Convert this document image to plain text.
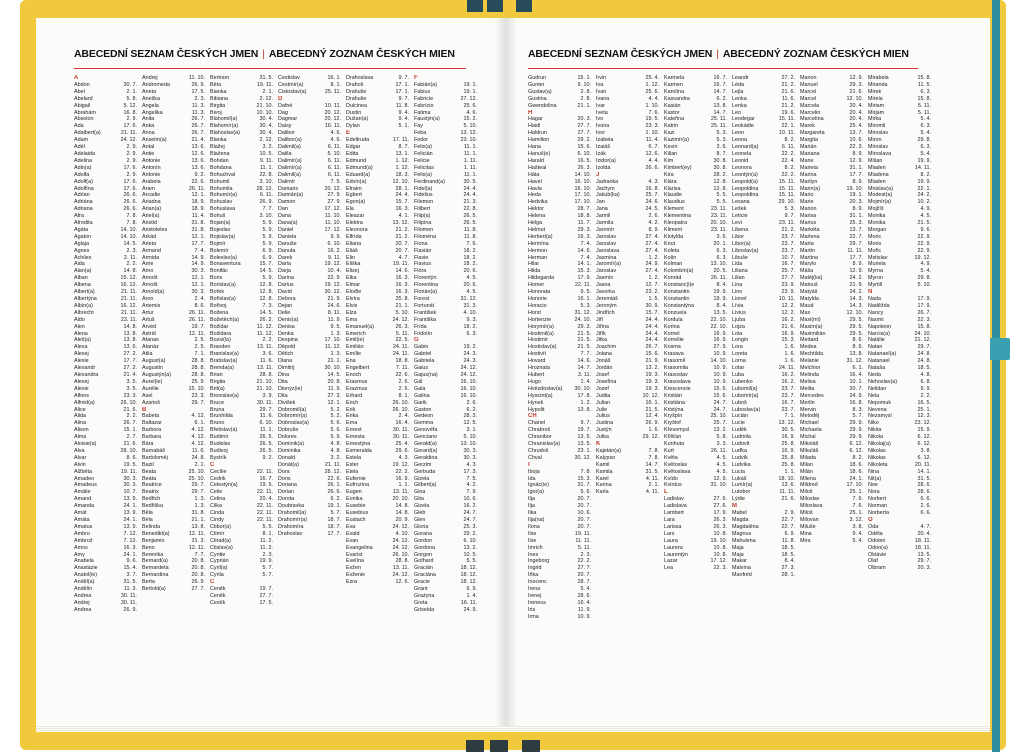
ABECEDNÍ SEZNAM ČESKÝCH JMEN | ABECEDNÝ ZOZNAM ČESKÝCH MIEN
A
Abdon	30. 7.
Abel	2. 1.
Abelard	5. 8.
Abigail	5. 12.
Abrahám	16. 8.
Absolon	2. 9.
Ada	17. 6.
Adalbert(a)	21. 11.
Adam	24. 12.
Adél	2. 9.
Adelaida	2. 9.
Adelina	2. 9.
Adin(a)	17. 6.
Adolfa	2. 9.
Adolf(a)	17. 6.
Adolfína	17. 6.
Adrian	26. 6.
Adriána	26. 6.
Adriana	26. 6.
Afra	7. 8.
Afrodita	7. 8.
Agáta	14. 10.
Agaton	14. 10.
Aglaja	14. 5.
Agnes	2. 3.
Achiles	2. 11.
Aida	2. 2.
Alan(a)	14. 8.
Alban	15. 12.
Albena	16. 12.
Albert(a)	21. 11.
Albertýna	21. 11.
Albín(a)	16. 12.
Albrecht	21. 11.
Aldo	23. 11.
Alen	14. 8.
Alena	13. 8.
Aleš(a)	13. 8.
Alexa	13. 6.
Alexej	27. 2.
Alexie	17. 7.
Alexandr	27. 2.
Alexandra	21. 4.
Alexej	3. 5.
Alexie	3. 5.
Alfons	23. 3.
Alfréd(a)	26. 10.
Alice	21. 6.
Alida	2. 2.
Alina	26. 7.
Alison	15. 1.
Alma	2. 7.
Aloisie(a)	21. 6.
Alva	28. 10.
Alvar	8. 6.
Alvin	19. 5.
Alžběta	19. 11.
Amadeo	30. 3.
Amadeus	30. 3.
Amálie	10. 7.
Amand	13. 9.
Amanda	24. 1.
Amát	13. 9.
Amáta	24. 1.
Amatus	13. 9.
Ambro	7. 12.
Ambrož	7. 12.
Ámos	16. 3.
Amy	24. 1.
Anabela	9. 6.
Anastázie	15. 4.
Anatol(ie)	3. 7.
Anděl(a)	31. 5.
Andělín	11. 3.
Andrea	30. 11.
Andrej	30. 11.
Andrea	26. 9.
Andrej	11. 10.
Andromeda	26. 9.
Aneta	17. 5.
Anežka	2. 3.
Angela	11. 3.
Angelika	11. 3.
Anita	26. 7.
Anka	26. 7.
Anna	26. 7.
Anselm(a)	21. 4.
Antal	13. 6.
Antie	12. 6.
Antonie	13. 6.
Antonín	13. 6.
Antonie	9. 2.
Arabela	22. 6.
Aram	26. 11.
Arcadie	12. 1.
Ariadna	18. 9.
Arian(a)	18. 9.
Ariel(a)	11. 4.
Aristid	31. 8.
Aristoteles	31. 8.
Arkád	12. 1.
Arleta	17. 7.
Armand	7. 4.
Armida	14. 9.
Arne	14. 9.
Arno	30. 3.
Arnošt	12. 1.
Arnošt	12. 1.
Arnold(a)	30. 3.
Áron	2. 4.
Artemis	8. 6.
Artur	26. 11.
Artuš	26. 11.
Arvéd	19. 7.
Astrid	12. 11.
Atanas	2. 5.
Atanáz	2. 5.
Atila	7. 1.
August(a)	28. 8.
Augustin	28. 8.
Augustýn(a)	28. 8.
Aurel(ie)	25. 9.
Aurélie	15. 10.
Axel	23. 3.
Azarioš	29. 7.
B
Babeta	4. 12.
Baltazar	6. 1.
Barbora	4. 12.
Barbara	4. 12.
Bára	4. 12.
Barnabáš	11. 6.
Bartoloměj	24. 8.
Bazil	2. 1.
Beata	25. 10.
Beáta	25. 10.
Beatrice	29. 7.
Beatrix	29. 7.
Bedřich	1. 3.
Bedřiška	1. 3.
Běla	31. 8.
Béla	21. 1.
Belinda	13. 8.
Benedikt(a)	12. 11.
Benjamin	31. 3.
Beno	12. 11.
Berenika	7. 7.
Bernard(a)	20. 8.
Bernardeta	20. 8.
Bernardina	20. 8.
Berta	26. 9.
Bertold(a)	27. 7.
Bertram	31. 5.
Běta	19. 11.
Bianka	2. 1.
Bibiana	2. 12.
Birgita	21. 10.
Bivoj	10. 10.
Blahomil(a)	30. 4.
Blahomír(a)	30. 4.
Blahoslav(a)	30. 4.
Blanka	2. 12.
Blažej	3. 2.
Blažena	10. 5.
Bohdan	9. 11.
Bohdana	11. 1.
Bohuchval	22. 8.
Bohumil	3. 10.
Bohumila	28. 12.
Bohumír(a)	6. 11.
Bohuslav	26. 9.
Bohuslava	7. 7.
Bohuš	3. 10.
Bojan(a)	5. 9.
Bojeslav	5. 9.
Bojislav(a)	5. 9.
Bojmír	5. 9.
Bolemír	6. 9.
Boleslav(a)	6. 9.
Bonaventura	15. 7.
Bonifác	14. 5.
Boris	5. 9.
Borislav(a)	12. 8.
Bořek	12. 8.
Bořislav(a)	12. 8.
Bořivoj	7. 3.
Božena	14. 5.
Božetěch(a)	26. 2.
Božidar	11. 12.
Božidara	11. 12.
Bozsi(la)	2. 2.
Branden	13. 11.
Branislav(a)	3. 6.
Bratislav(a)	11. 6.
Brenda(a)	13. 11.
Brian	28. 8.
Brigita	21. 10.
Brit(a)	21. 10.
Bronislav(a)	3. 9.
Bruce	30. 11.
Bruna	29. 7.
Brunhilda	11. 6.
Bruno	6. 10.
Břetislav(a)	11. 1.
Budimír	26. 5.
Budislav	26. 5.
Budivoj	26. 5.
Bystrík	9. 2.
C
Cecílie	22. 11.
Cedrik	16. 7.
Celestýn(a)	19. 5.
Celie	22. 11.
Celina	20. 4.
Cilka	22. 11.
Cinda	22. 11.
Cindy	22. 11.
Ctibor(a)	5. 5.
Ctimír	8. 1.
Ctirad(a)	11. 2.
Ctislav(a)	11. 2.
Cyntie	2. 3.
Cyprián	19. 9.
Cyril(a)	5. 7.
Cyrila	5. 7.
Č
Čeněk	19. 7.
Čeněk	27. 7.
Čestík	17. 5.
Čestislav	16. 1.
Čestmír(a)	8. 1.
Čistoslav(a)	25. 11.
D
Dafné	10. 11.
Dag	20. 12.
Dagmar	20. 12.
Daisy	16. 11.
Dalibor	4. 6.
Dalibor(a)	4. 6.
Dalimil(a)	6. 11.
Dalila	5. 10.
Dalimír(a)	6. 11.
Dalimír(a)	6. 11.
Dalimil(a)	6. 11.
Dalimír	7. 5.
Damaris	20. 12.
Damián(a)	27. 9.
Damon	27. 9.
Dan	17. 12.
Dana	11. 10.
Dana(a)	11. 10.
Daniel	17. 12.
Daniela	9. 9.
Danuše	6. 10.
Danuta	16. 2.
Darek	9. 11.
Daria	19. 12.
Darja	10. 4.
Darina	22. 9.
Darius	19. 12.
David	30. 12.
Debora	21. 9.
Dejan	24. 6.
Delie	8. 11.
Denis(a)	11. 9.
Denisa	9. 5.
Denka	1. 3.
Despina	17. 10.
Děpold	11. 12.
Dětich	1. 3.
Diana	21. 1.
Dimitrij	30. 10.
Dina	14. 5.
Dita	20. 8.
Dionýz(ie)	11. 9.
Dita	27. 3.
Divišek	12. 1.
Dobromil(a)	5. 2.
Dobromír(a)	5. 2.
Dobroslav(a)	5. 6.
Dobruše	5. 6.
Dolores	5. 9.
Dominik(a)	4. 8.
Dominika	4. 8.
Donald	3. 2.
Donát(a)	21. 11.
Dora	28. 12.
Doris	22. 6.
Doriana	26. 1.
Dorian	26. 6.
Dorota	6. 2.
Doubravka	19. 1.
Drahomil(a)	5. 7.
Drahomír(a)	18. 7.
Drahomíra	18. 7.
Drahoslav	17. 7.
Drahoslava	9. 7.
Drahoš	17. 1.
Drahuše	17. 1.
Drahuše	9. 7.
Dulcinea	11. 8.
Dustin	9. 4.
Dušan(a)	9. 4.
Dylan	5. 1.
E
Edeltruda	17. 11.
Edgar	8. 7.
Edita	13. 1.
Edmund	1. 12.
Edmund(a)	1. 12.
Eduard(a)	18. 3.
Edvín(a)	12. 10.
Efraim	28. 1.
Egbert	24. 4.
Egon(a)	15. 7.
Ela	16. 3.
Eleazar	4. 1.
Elektra	13. 12.
Eleonora	21. 2.
Elfrída	21. 2.
Eliana	20. 7.
Eliáš	20. 7.
Elin	4. 7.
Eliška	19. 11.
Elizej	14. 6.
Elka	16. 3.
Elmar	16. 3.
Eloďie	16. 3.
Elvíra	25. 8.
Elvis	21. 1.
Elza	5. 10.
Ema	24. 12.
Emanuel(a)	26. 3.
Emerich	5. 11.
Emil(ie)	22. 5.
Emilián	24. 11.
Emílie	24. 11.
Ena	18. 8.
Engelbert	7. 11.
Enoch	22. 6.
Erasmus	2. 6.
Erazmus	2. 6.
Erhard	8. 1.
Erich	26. 10.
Erik	26. 10.
Erika	2. 4.
Erna	16. 4.
Ernest	30. 11.
Ernesta	30. 11.
Ernestýna	25. 4.
Esmeralda	29. 6.
Estela	4. 3.
Ester	19. 12.
Etela	22. 2.
Eufemie	16. 9.
Eufrozína	1. 1.
Eugen	13. 11.
Eunika	20. 10.
Eusebie	14. 8.
Eusebius	14. 8.
Eustach	20. 9.
Eva	24. 12.
Evald	4. 10.
Evan	24. 12.
Evangelina	24. 12.
Evarist	26. 10.
Evelína	28. 8.
Evžen	13. 11.
Evženie	24. 12.
Ezra	12. 6.
F
Fabián(a)	19. 1.
Fabius	19. 1.
Fabricie	27. 12.
Fabrício	25. 6.
Fatima	4. 6.
Faustýn(a)	15. 2.
Fay	5. 10.
Feba	13. 12.
Fedor	23. 10.
Felix(a)	11. 1.
Felicián	11. 1.
Felicie	1. 11.
Felicitas	1. 11.
Felix(a)	11. 1.
Ferdinand(a)	30. 5.
Fidel(a)	24. 4.
Fidelius	24. 4.
Filemon	21. 3.
Filibert	22. 8.
Filip(a)	26. 5.
Filipína	26. 5.
Filomen	11. 8.
Filoména	11. 8.
Fiona	7. 6.
Flavián	18. 2.
Flavie	18. 2.
Flavius	18. 2.
Flóra	20. 6.
Florentýn	4. 5.
Florentina	20. 6.
Florián(a)	4. 5.
Forest	31. 12.
Fortunát	31. 3.
František	4. 10.
Františka	9. 3.
Frída	18. 2.
Fridolín	6. 3.
G
Gabin	19. 2.
Gabriel	24. 3.
Gabriela	24. 3.
Gaius	24. 12.
Gajus(na)	24. 12.
Gál	16. 10.
Gala	16. 10.
Galina	16. 10.
Garik	2. 6.
Gaston	6. 2.
Gedeon	28. 3.
Gemma	12. 5.
Genovéfa	3. 1.
Genciano	5. 10.
Gerald(a)	13. 10.
Gerard(a)	30. 3.
Geraldina	30. 3.
Gerzim	4. 3.
Gertruda	17. 3.
Gizela	7. 5.
Gilbert(a)	4. 2.
Gina	7. 9.
Gita	10. 6.
Gizela	16. 2.
Gleb	24. 7.
Glen	24. 7.
Gloria	25. 3.
Gorana	29. 2.
Gordon	6. 10.
Gordona	13. 2.
Gorgon	10. 5.
Gothard	5. 5.
Gracián	18. 12.
Graciána	18. 12.
Gracie	18. 12.
Grant	6. 9.
Grażyna	1. 4.
Greta	16. 11.
Griselda	24. 9.
ABECEDNÍ SEZNAM ČESKÝCH JMEN | ABECEDNÝ ZOZNAM ČESKÝCH MIEN
Gudrun	15. 1.
Gunter	9. 10.
Gustav(a)	2. 8.
Gustina	2. 8.
Gwendolina	21. 1.
H
Hagar	20. 3.
Haidi	27. 7.
Haldrun	27. 7.
Hamilton	29. 2.
Hana	15. 6.
Hanuš(e)	6. 10.
Harald	16. 5.
Hašteal	26. 3.
Háta	14. 10.
Havel	16. 10.
Havla	16. 10.
Heda	17. 10.
Hedvika	17. 10.
Hektor	28. 7.
Helena	18. 8.
Helga	11. 7.
Helmut	29. 3.
Herbert(a)	16. 3.
Hermína	7. 4.
Hermon	14. 6.
Herman	7. 4.
Hilar	14. 1.
Hilda	15. 3.
Hildegarda	17. 9.
Homer	22. 11.
Honorata	9. 5.
Honorie	16. 1.
Horacio	5. 3.
Horst	31. 12.
Hortenzie	24. 10.
Horymír(a)	29. 3.
Hostimil(a)	21. 5.
Hostimír	21. 5.
Hostislav(a)	21. 5.
Hostivít	7. 7.
Hovard	14. 6.
Hroznata	14. 7.
Hubert	3. 11.
Hugo	1. 4.
Hvězdoslav(a) 30. 10.
Hyacint(a)	17. 8.
Hynek	1. 2.
Hypolit	13. 8.
CH
Chanel	9. 7.
Chrabroš	19. 7.
Chranibor	13. 5.
Chranislav(a)	13. 5.
Chrudoš	23. 1.
Chval	30. 12.
I
Iboja	7. 8.
Ida	15. 3.
Ignác(ie)	31. 7.
Igor(a)	5. 6.
Ilja	20. 7.
Ilja	20. 7.
Ilka	10. 6.
Ilja(na)	20. 7.
Ilona	20. 7.
Ilse	19. 11.
Ilse	11. 11.
Imrich	5. 11.
Ines	2. 3.
Ingeborg	22. 2.
Ingrid	27. 7.
Iňka	20. 7.
Inocenc	28. 7.
Irena	5. 4.
Irenej	28. 6.
Ireneus	16. 4.
Iris	11. 9.
Irma	10. 9.
Irvin	25. 4.
Iva	1. 12.
Ivan	25. 6.
Ivana	4. 4.
Ivar	1. 10.
Iveta	7. 6.
Ivo	19. 5.
Ivona	23. 3.
Ivor	1. 10.
Izabela	11. 4.
Izaiáš	6. 7.
Izák	12. 6.
Izidor(a)	4. 4.
Izolda	26. 6.
J
Jadranka	4. 3.
Jachym	16. 8.
Jakub(ka)	25. 7.
Jan	24. 6.
Jana	24. 5.
Jarmil	2. 6.
Jarmila	4. 2.
Jaromír	8. 9.
Jaroslav	27. 4.
Jaroslav	27. 4.
Jaroslava	27. 4.
Jasmína	1. 2.
Jaromír(a)	24. 9.
Jaroslav	27. 4.
Jasmín	1. 2.
Jasna	12. 7.
Javorka	23. 2.
Jeremiáš	1. 5.
Jeroným	30. 9.
Jindřich	15. 7.
Jiří	24. 4.
Jiřina	24. 4.
Jiřík	24. 4.
Jitka	24. 4.
Joachim	26. 7.
Jolana	15. 6.
Jonáš	21. 9.
Jordán	13. 2.
Josef	19. 3.
Josefína	19. 3.
Jozef	19. 3.
Judita	10. 12.
Julian	16. 1.
Julie	21. 5.
Julius	12. 4.
Justina	26. 9.
Justýn	1. 6.
Jutka	29. 12.
K
Kajetán(a)	7. 8.
Kalypso	7. 8.
Kamil	14. 7.
Kamila	31. 5.
Karel	4. 11.
Karina	2. 1.
Karla	4. 11.
Karmela	16. 7.
Karmen	16. 7.
Karolína	14. 7.
Kassandra	6. 2.
Kasián	13. 8.
Kastor	14. 7.
Kateřina	25. 11.
Katrin	25. 11.
Kazi	5. 3.
Kazimír(a)	5. 3.
Kevin	3. 6.
Kilian	8. 7.
Kim	30. 8.
Kimberl(ey)	30. 8.
Kira	28. 2.
Klára	12. 8.
Klarisa	12. 8.
Klaudie	5. 5.
Klaudius	5. 5.
Klement	23. 11.
Klementina	23. 11.
Kleopatra	20. 10.
Kliment	23. 11.
Klotylda	3. 6.
Knut	20. 1.
Koleta	6. 3.
Kolín	6. 3.
Kolman	13. 10.
Kolombín(a)	20. 5.
Konrád	26. 11.
Konstanc(i)e	8. 4.
Konstantin	19. 9.
Konstantin	19. 9.
Konstantýna	8. 4.
Konzuela	13. 5.
Kordula	22. 10.
Korina	22. 10.
Kornel	16. 9.
Kornélie	16. 9.
Kosma	27. 9.
Krasava	10. 9.
Krasomil	14. 10.
Krasomila	10. 9.
Krasoslav	10. 9.
Krasoslava	10. 9.
Krescencie	15. 6.
Kristián	15. 6.
Kristiána	24. 7.
Kristýna	24. 7.
Kryšpín	25. 10.
Kryštof	25. 7.
Křesomysl	13. 2.
Křišťan	5. 8.
Kunhuta	3. 3.
Kurt	26. 11.
Květa	4. 5.
Květoslav	4. 5.
Květoslava	4. 5.
Kvído	12. 9.
Kvintus	31. 10.
L
Ladislav	27. 6.
Ladislava	27. 6.
Lambert	17. 9.
Lara	26. 3.
Larissa	26. 3.
Lars	10. 8.
Laura	19. 10.
Laurenc	10. 8.
Laurentýn	10. 8.
Lazar	17. 12.
Lea	22. 3.
Leandr	27. 2.
Léda	21. 2.
Lejla	21. 6.
Lenka	11. 6.
Lenka	21. 2.
Leo	19. 6.
Leodegar	15. 11.
Leokádie	22. 1.
Leon	10. 11.
Leona	8. 2.
Leonard(a)	6. 11.
Leonela	22. 2.
Leonid	22. 4.
Leonora	8. 2.
Leontýn(a)	22. 2.
Leopold(a)	15. 11.
Leopoldina	15. 11.
Leopoldina	15. 11.
Lesana	29. 10.
Lešek	5. 3.
Leticie	9. 7.
Levi	23. 11.
Libena	21. 2.
Libor	23. 7.
Libor(a)	23. 7.
Liboslav(a)	23. 7.
Libuše	10. 7.
Lida	16. 7.
Liliana	25. 7.
Lilian	27. 7.
Lina	23. 9.
Lino	23. 9.
Lionel	10. 11.
Lívia	12. 2.
Livius	12. 2.
Ljuba	16. 2.
Lojza	21. 6.
Lola	16. 9.
Longin	15. 3.
Lora	1. 6.
Loreta	1. 6.
Lorna	1. 6.
Lotar	24. 11.
Luba	16. 2.
Lubenko	16. 2.
Lubomil(a)	23. 7.
Lubomír(a)	23. 7.
Luboš	16. 7.
Luboslav(a)	23. 7.
Lucián	7. 1.
Lucie	13. 12.
Luděk	30. 5.
Ludmila	16. 9.
Ludovít	25. 8.
Luďka	16. 9.
Ludvík	25. 8.
Ludvika	25. 8.
Lucia	1. 1.
Lukáš	18. 10.
Lumír(a)	13. 6.
Lutobor	11. 11.
Lýdie	21. 6.
M
Mabel	2. 9.
Magda	22. 7.
Magdaléna	22. 7.
Magnus	6. 9.
Mahulena	11. 8.
Maja	18. 5.
Maja	18. 5.
Makar	8. 4.
Malvína	27. 3.
Manfréd	28. 1.
Manon	12. 9.
Manuel	29. 3.
Marcel	21. 6.
Marcel	12. 10.
Marcela	20. 4.
Marcelin	20. 4.
Marcelína	20. 4.
Marek	25. 4.
Margareta	13. 7.
Margita	10. 6.
Marián	22. 3.
Mariana	8. 9.
Marie	12. 9.
Marieta	31. 1.
Marina	17. 7.
Marilyn	8. 9.
Marin(a)	19. 10.
Mario	19. 1.
Marie	20. 3.
Marion	8. 9.
Marisa	31. 1.
Marius	25. 3.
Markéta	13. 7.
Marlena	22. 7.
Marta	29. 7.
Martin	11. 11.
Martina	17. 7.
Marylo	8. 9.
Máša	12. 9.
Matěj(ka)	24. 2.
Matouš	21. 9.
Matyáš	24. 2.
Matylda	14. 3.
Maud	14. 3.
Max	12. 10.
Maxi(mi)	29. 5.
Maxim(a)	29. 5.
Maximilián	29. 5.
Medard	8. 6.
Medea	8. 6.
Mechtilda	13. 8.
Melanie	31. 12.
Melchior	6. 1.
Melinda	16. 4.
Melisa	10. 1.
Melita	20. 7.
Mercedes	24. 9.
Merlin	16. 8.
Mervin	8. 3.
Metoděj	5. 7.
Michael	29. 9.
Michaela	29. 9.
Michal	29. 9.
Mikoláš	6. 12.
Mikuláš	6. 12.
Milada	8. 2.
Milan	18. 6.
Milán	18. 6.
Milena	24. 1.
Mildred	17. 10.
Miloš	25. 1.
Miloslav	7. 6.
Miloslava	7. 6.
Miloš	25. 1.
Milovan	3. 12.
Miluše	3. 8.
Mina	9. 4.
Mira	5. 4.
Mirabela	15. 8.
Miranda	11. 5.
Mirek	6. 3.
Mirela	15. 8.
Miriam	5. 11.
Mirjam	5. 11.
Mirka	5. 4.
Miromil	6. 3.
Miroslav	5. 4.
Miron	29. 8.
Miroslav	6. 3.
Miroslava	5. 4.
Mišan	19. 9.
Mladen	14. 11.
Mladena	8. 2.
Mladen	19. 9.
Mnislav(a)	22. 1.
Modest(a)	24. 2.
Mojmír(a)	10. 2.
Mojžíš	4. 9.
Monika	4. 5.
Monika	21. 5.
Morgan	9. 6.
Moric	22. 9.
Moris	22. 9.
Mořic	22. 9.
Mstislav	19. 12.
Muriela	4. 9.
Myrna	5. 4.
Myron	29. 8.
Myrtill	5. 10.
N
Nada	17. 9.
Naděžda	17. 9.
Nancy	26. 7.
Naomi	22. 3.
Napoleon	15. 8.
Narcis(a)	24. 10.
Natálie	21. 12.
Natan	29. 7.
Natanael(a)	24. 8.
Natanael	24. 8.
Nataša	18. 5.
Neda	4. 8.
Nehoslav(a)	6. 8.
Nelidan	9. 9.
Nela	2. 2.
Nepomuk	16. 5.
Nevena	25. 1.
Nezamysl	12. 3.
Niko	23. 12.
Nikita	15. 9.
Nikola	6. 12.
Nikolaj(a)	6. 12.
Nikolas	3. 8.
Nikolas	6. 12.
Nikoleta	20. 11.
Nina	14. 1.
Nit(a)	31. 5.
Noe	28. 6.
Nora	28. 6.
Norbert	6. 6.
Norman	2. 6.
Norberta	6. 6.
O
Oda	4. 7.
Oděta	20. 4.
Odolen	18. 11.
Odon(a)	18. 11.
Oktávie	13. 5.
Olaf	29. 7.
Olbram	20. 3.
